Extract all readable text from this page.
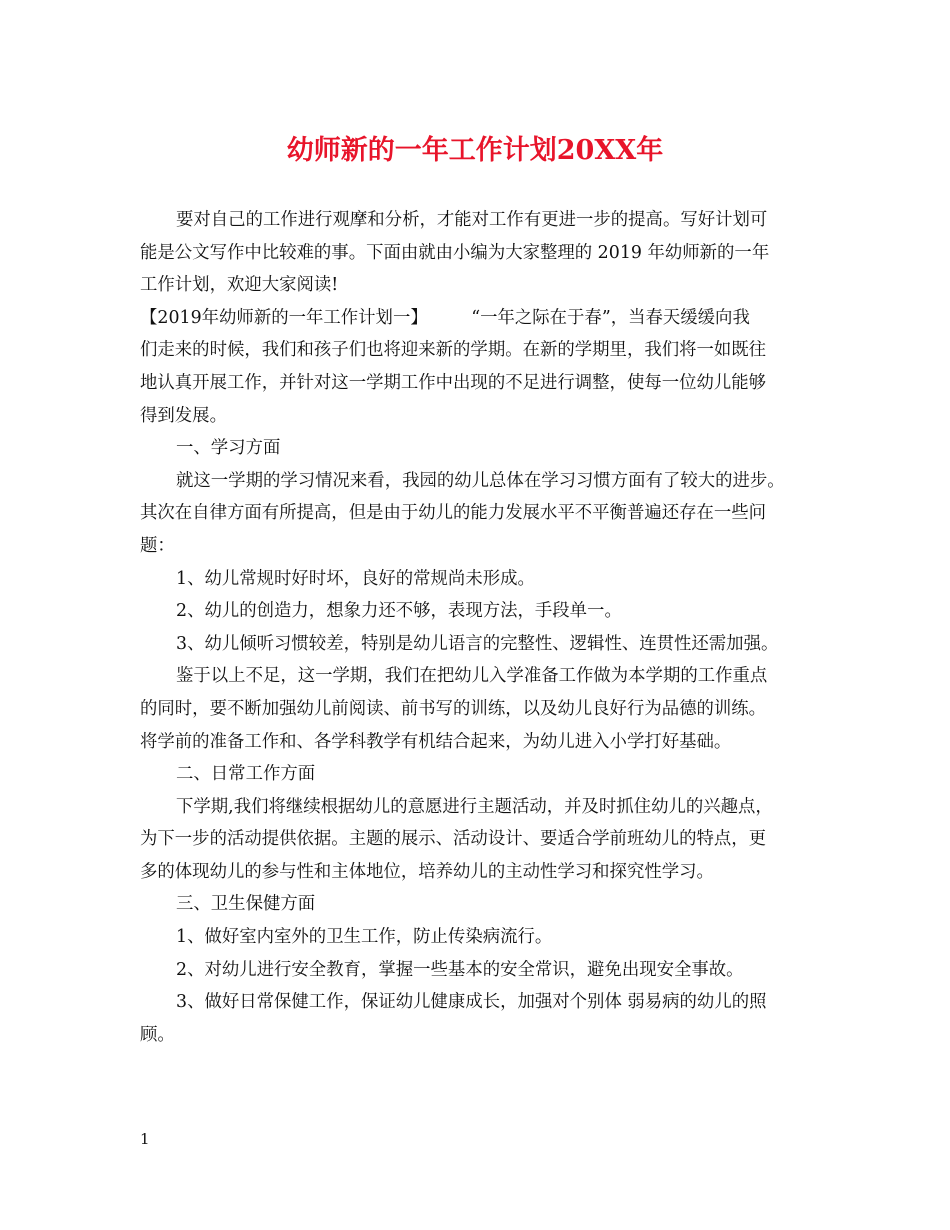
幼师新的一年工作计划20XX年
要对自己的工作进行观摩和分析，才能对工作有更进一步的提高。写好计划可
能是公文写作中比较难的事。下面由就由小编为大家整理的 2019 年幼师新的一年
工作计划，欢迎大家阅读!
【2019年幼师新的一年工作计划一】　　　“一年之际在于春”，当春天缓缓向我
们走来的时候，我们和孩子们也将迎来新的学期。在新的学期里，我们将一如既往
地认真开展工作，并针对这一学期工作中出现的不足进行调整，使每一位幼儿能够
得到发展。
一、学习方面
就这一学期的学习情况来看，我园的幼儿总体在学习习惯方面有了较大的进步。
其次在自律方面有所提高，但是由于幼儿的能力发展水平不平衡普遍还存在一些问
题：
1、幼儿常规时好时坏，良好的常规尚未形成。
2、幼儿的创造力，想象力还不够，表现方法，手段单一。
3、幼儿倾听习惯较差，特别是幼儿语言的完整性、逻辑性、连贯性还需加强。
鉴于以上不足，这一学期，我们在把幼儿入学准备工作做为本学期的工作重点
的同时，要不断加强幼儿前阅读、前书写的训练，以及幼儿良好行为品德的训练。
将学前的准备工作和、各学科教学有机结合起来，为幼儿进入小学打好基础。
二、日常工作方面
下学期,我们将继续根据幼儿的意愿进行主题活动，并及时抓住幼儿的兴趣点，
为下一步的活动提供依据。主题的展示、活动设计、要适合学前班幼儿的特点，更
多的体现幼儿的参与性和主体地位，培养幼儿的主动性学习和探究性学习。
三、卫生保健方面
1、做好室内室外的卫生工作，防止传染病流行。
2、对幼儿进行安全教育，掌握一些基本的安全常识，避免出现安全事故。
3、做好日常保健工作，保证幼儿健康成长，加强对个别体 弱易病的幼儿的照
顾。
1
